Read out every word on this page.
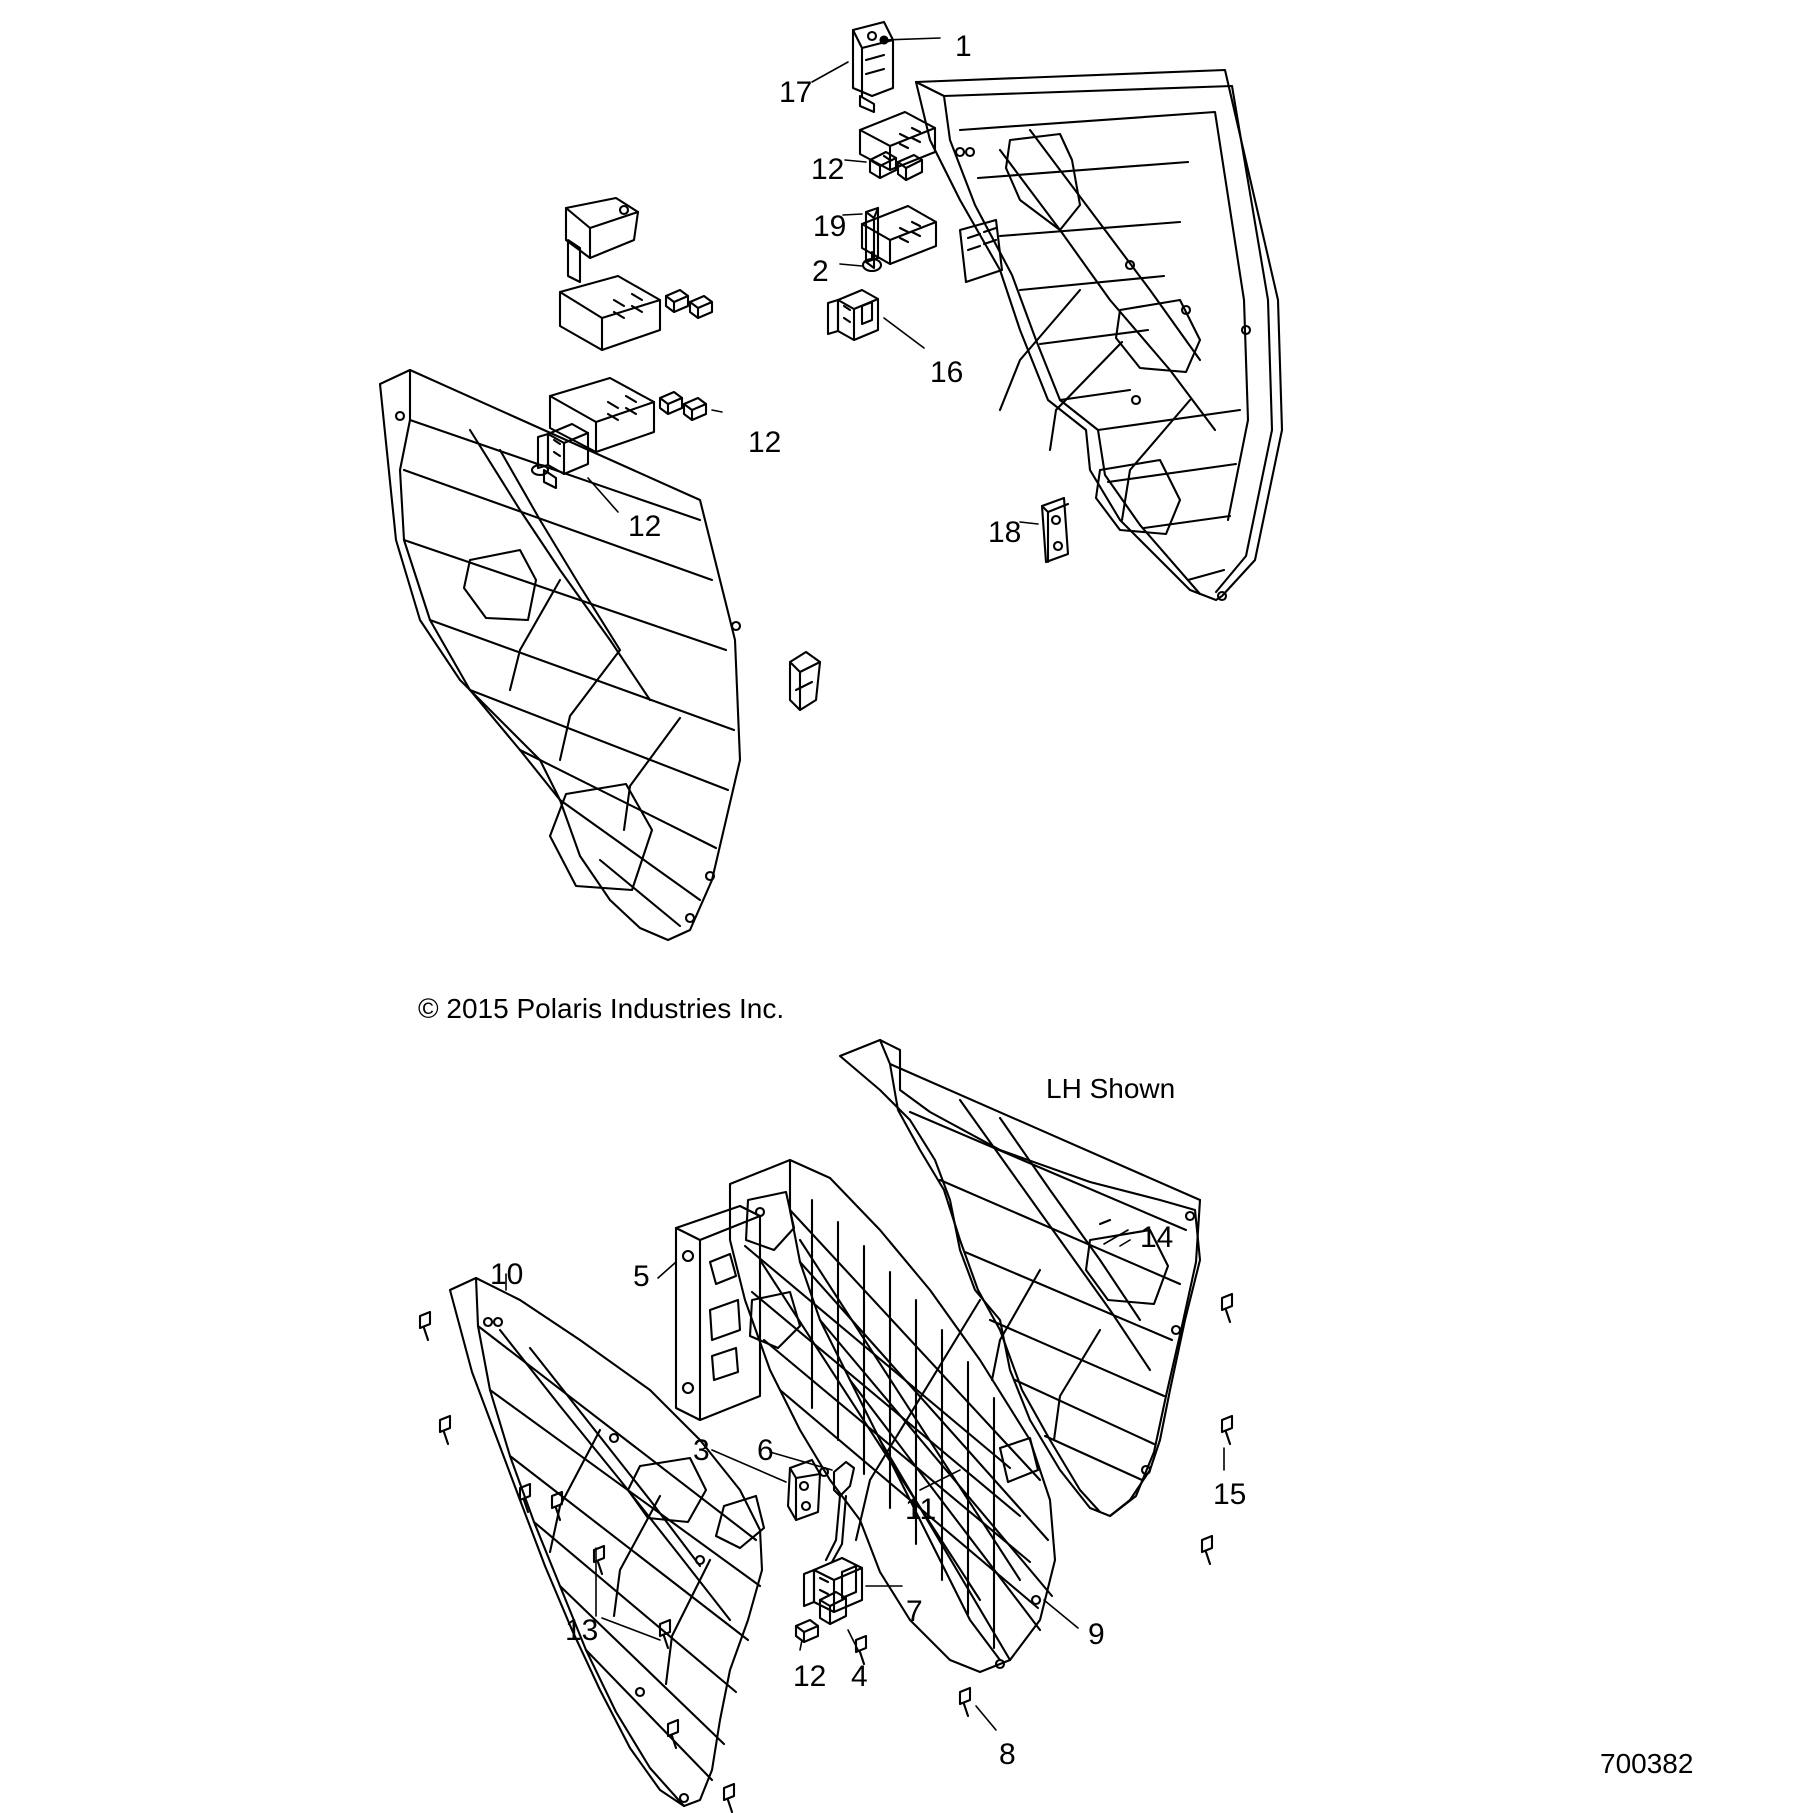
© 2015 Polaris Industries Inc.
LH Shown
700382
1
17
12
19
2
16
12
12	18
10	5
14
3 6
11	15
13
7
9
12 4
8
